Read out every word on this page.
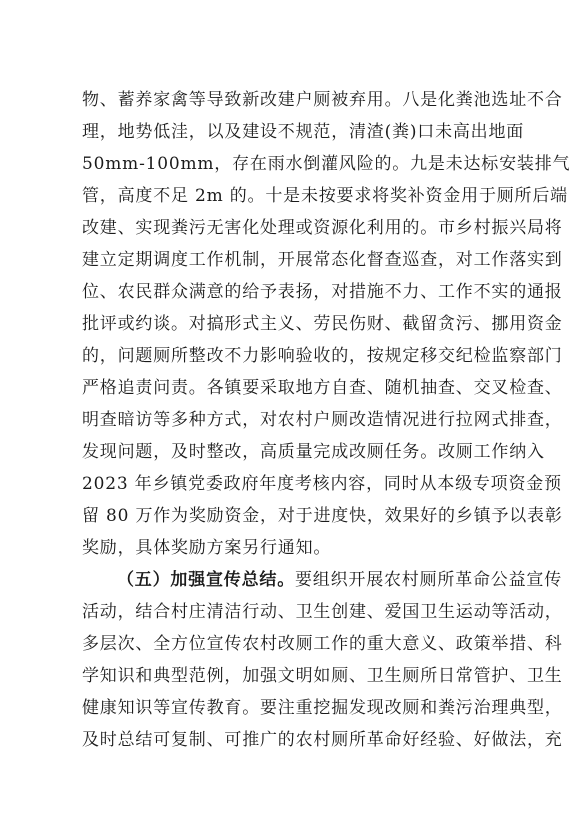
物、蓄养家禽等导致新改建户厕被弃用。八是化粪池选址不合
理，地势低洼，以及建设不规范，清渣(粪)口未高出地面
50mm-100mm，存在雨水倒灌风险的。九是未达标安装排气
管，高度不足 2m 的。十是未按要求将奖补资金用于厕所后端
改建、实现粪污无害化处理或资源化利用的。市乡村振兴局将
建立定期调度工作机制，开展常态化督查巡查，对工作落实到
位、农民群众满意的给予表扬，对措施不力、工作不实的通报
批评或约谈。对搞形式主义、劳民伤财、截留贪污、挪用资金
的，问题厕所整改不力影响验收的，按规定移交纪检监察部门
严格追责问责。各镇要采取地方自查、随机抽查、交叉检查、
明查暗访等多种方式，对农村户厕改造情况进行拉网式排查，
发现问题，及时整改，高质量完成改厕任务。改厕工作纳入
2023 年乡镇党委政府年度考核内容，同时从本级专项资金预
留 80 万作为奖励资金，对于进度快，效果好的乡镇予以表彰
奖励，具体奖励方案另行通知。
（五）加强宣传总结。要组织开展农村厕所革命公益宣传
活动，结合村庄清洁行动、卫生创建、爱国卫生运动等活动，
多层次、全方位宣传农村改厕工作的重大意义、政策举措、科
学知识和典型范例，加强文明如厕、卫生厕所日常管护、卫生
健康知识等宣传教育。要注重挖掘发现改厕和粪污治理典型，
及时总结可复制、可推广的农村厕所革命好经验、好做法，充
